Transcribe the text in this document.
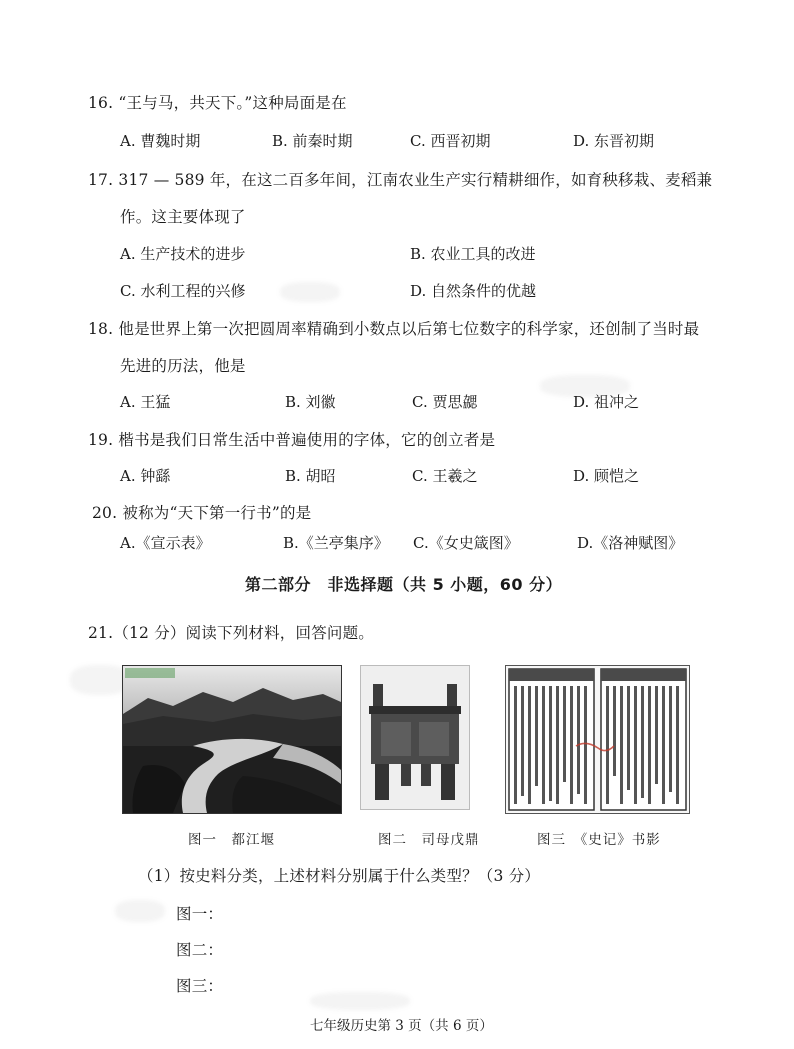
16. “王与马，共天下。”这种局面是在
A. 曹魏时期	B. 前秦时期	C. 西晋初期	D. 东晋初期
17. 317 — 589 年，在这二百多年间，江南农业生产实行精耕细作，如育秧移栽、麦稻兼
作。这主要体现了
A. 生产技术的进步	B. 农业工具的改进
C. 水利工程的兴修	D. 自然条件的优越
18. 他是世界上第一次把圆周率精确到小数点以后第七位数字的科学家，还创制了当时最
先进的历法，他是
A. 王猛	B. 刘徽	C. 贾思勰	D. 祖冲之
19. 楷书是我们日常生活中普遍使用的字体，它的创立者是
A. 钟繇	B. 胡昭	C. 王羲之	D. 顾恺之
20. 被称为“天下第一行书”的是
A.《宣示表》	B.《兰亭集序》 C.《女史箴图》	D.《洛神赋图》
第二部分　非选择题（共 5 小题，60 分）
21.（12 分）阅读下列材料，回答问题。
图一　都江堰	图二　司母戊鼎	图三　《史记》书影
（1）按史料分类，上述材料分别属于什么类型？（3 分）
图一：
图二：
图三：
七年级历史第 3 页（共 6 页）
